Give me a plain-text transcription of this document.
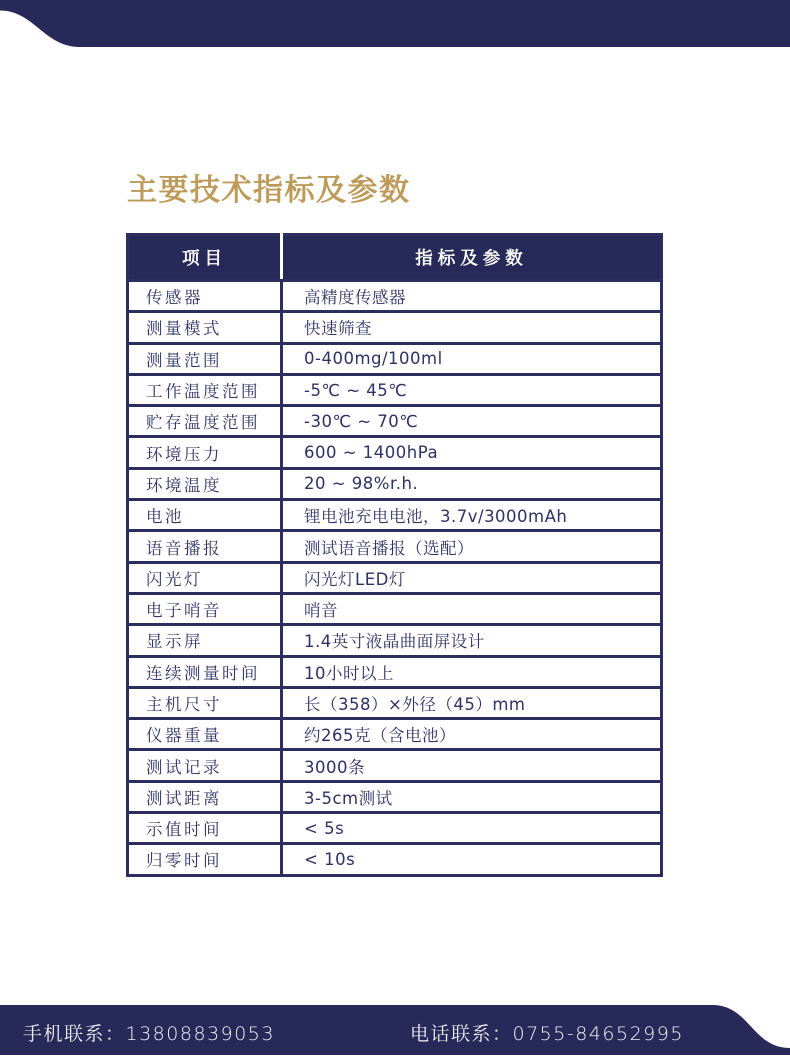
主要技术指标及参数
项目	指标及参数
传感器	高精度传感器
测量模式	快速筛查
测量范围	0-400mg/100ml
工作温度范围	-5℃ ~ 45℃
贮存温度范围	-30℃ ~ 70℃
环境压力	600 ~ 1400hPa
环境温度	20 ~ 98%r.h.
电池	锂电池充电电池，3.7v/3000mAh
语音播报	测试语音播报（选配）
闪光灯	闪光灯LED灯
电子哨音	哨音
显示屏	1.4英寸液晶曲面屏设计
连续测量时间	10小时以上
主机尺寸	长（358）×外径（45）mm
仪器重量	约265克（含电池）
测试记录	3000条
测试距离	3-5cm测试
示值时间	< 5s
归零时间	< 10s
手机联系：13808839053	电话联系：0755-84652995
